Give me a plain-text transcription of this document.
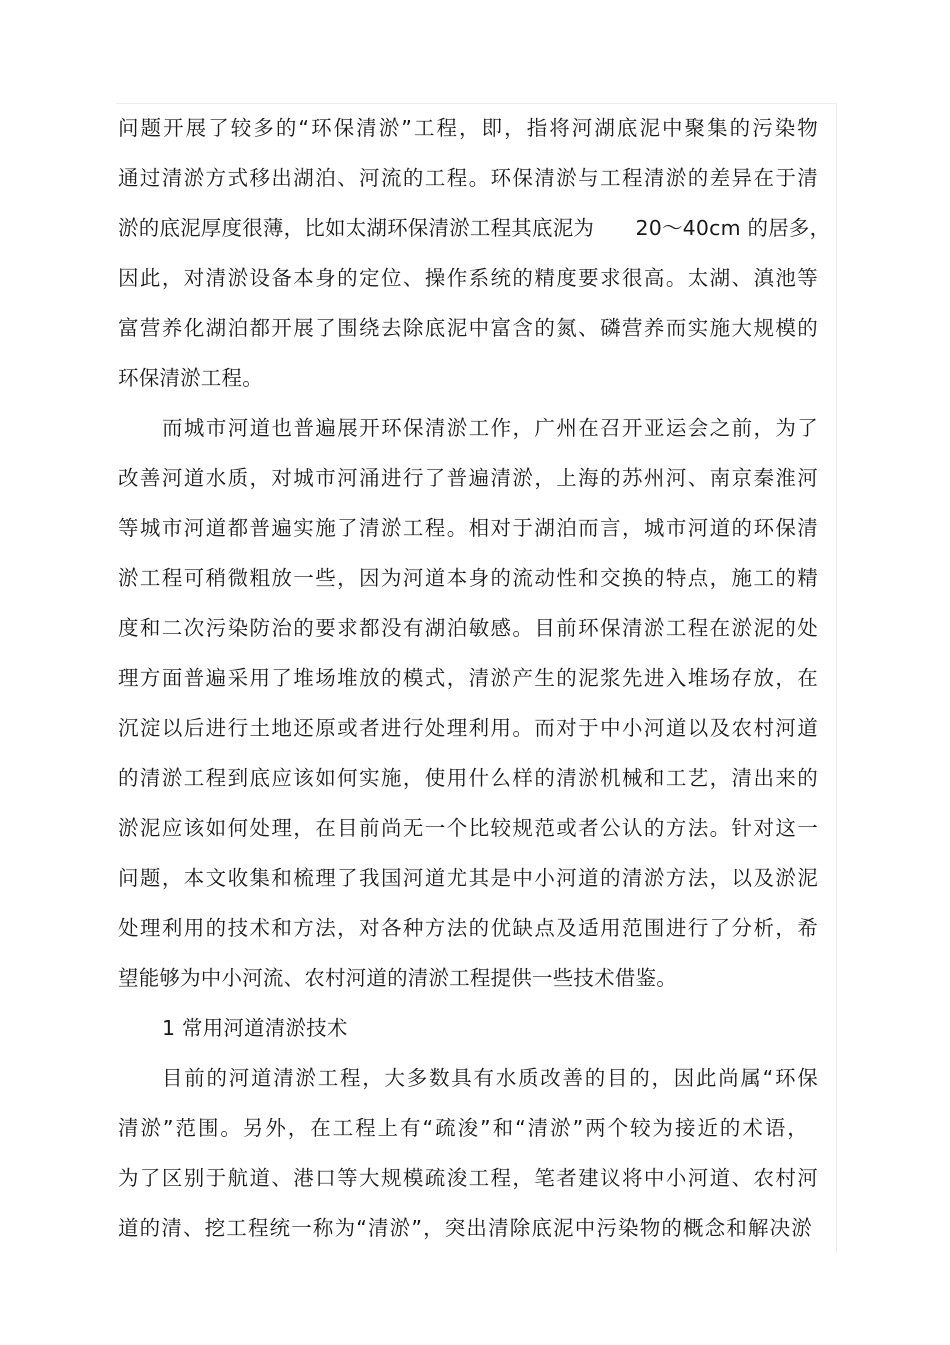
问题开展了较多的“环保清淤”工程，即，指将河湖底泥中聚集的污染物
通过清淤方式移出湖泊、河流的工程。环保清淤与工程清淤的差异在于清
淤的底泥厚度很薄，比如太湖环保清淤工程其底泥为　　20～40cm 的居多，
因此，对清淤设备本身的定位、操作系统的精度要求很高。太湖、滇池等
富营养化湖泊都开展了围绕去除底泥中富含的氮、磷营养而实施大规模的
环保清淤工程。
而城市河道也普遍展开环保清淤工作，广州在召开亚运会之前，为了
改善河道水质，对城市河涌进行了普遍清淤，上海的苏州河、南京秦淮河
等城市河道都普遍实施了清淤工程。相对于湖泊而言，城市河道的环保清
淤工程可稍微粗放一些，因为河道本身的流动性和交换的特点，施工的精
度和二次污染防治的要求都没有湖泊敏感。目前环保清淤工程在淤泥的处
理方面普遍采用了堆场堆放的模式，清淤产生的泥浆先进入堆场存放，在
沉淀以后进行土地还原或者进行处理利用。而对于中小河道以及农村河道
的清淤工程到底应该如何实施，使用什么样的清淤机械和工艺，清出来的
淤泥应该如何处理，在目前尚无一个比较规范或者公认的方法。针对这一
问题，本文收集和梳理了我国河道尤其是中小河道的清淤方法，以及淤泥
处理利用的技术和方法，对各种方法的优缺点及适用范围进行了分析，希
望能够为中小河流、农村河道的清淤工程提供一些技术借鉴。
1 常用河道清淤技术
目前的河道清淤工程，大多数具有水质改善的目的，因此尚属“环保
清淤”范围。另外，在工程上有“疏浚”和“清淤”两个较为接近的术语，
为了区别于航道、港口等大规模疏浚工程，笔者建议将中小河道、农村河
道的清、挖工程统一称为“清淤”，突出清除底泥中污染物的概念和解决淤
